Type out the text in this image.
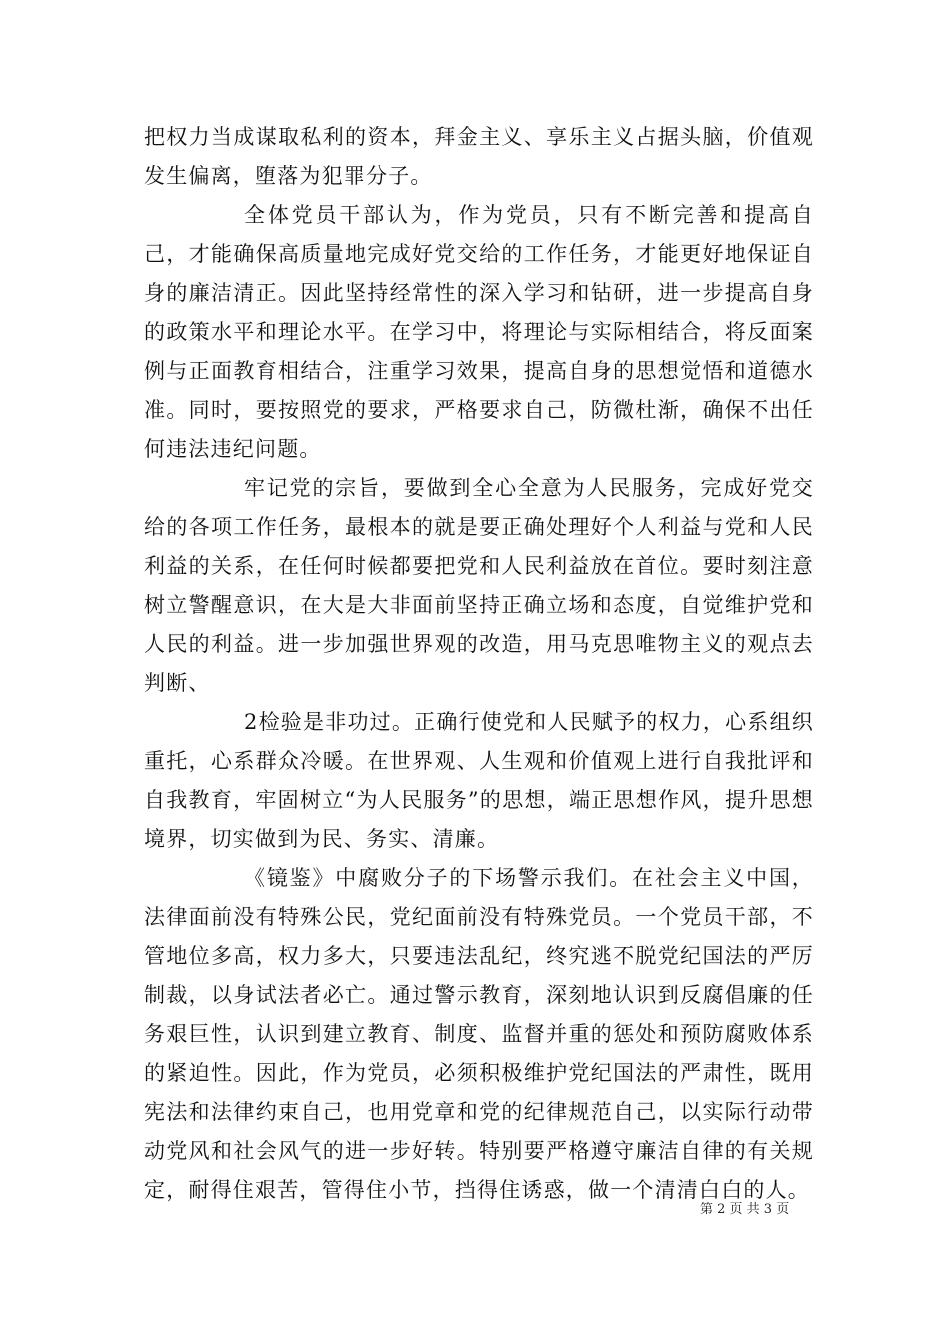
把权力当成谋取私利的资本，拜金主义、享乐主义占据头脑，价值观发生偏离，堕落为犯罪分子。

全体党员干部认为，作为党员，只有不断完善和提高自己，才能确保高质量地完成好党交给的工作任务，才能更好地保证自身的廉洁清正。因此坚持经常性的深入学习和钻研，进一步提高自身的政策水平和理论水平。在学习中，将理论与实际相结合，将反面案例与正面教育相结合，注重学习效果，提高自身的思想觉悟和道德水准。同时，要按照党的要求，严格要求自己，防微杜渐，确保不出任何违法违纪问题。

牢记党的宗旨，要做到全心全意为人民服务，完成好党交给的各项工作任务，最根本的就是要正确处理好个人利益与党和人民利益的关系，在任何时候都要把党和人民利益放在首位。要时刻注意树立警醒意识，在大是大非面前坚持正确立场和态度，自觉维护党和人民的利益。进一步加强世界观的改造，用马克思唯物主义的观点去判断、

2检验是非功过。正确行使党和人民赋予的权力，心系组织重托，心系群众冷暖。在世界观、人生观和价值观上进行自我批评和自我教育，牢固树立“为人民服务”的思想，端正思想作风，提升思想境界，切实做到为民、务实、清廉。

《镜鉴》中腐败分子的下场警示我们。在社会主义中国，法律面前没有特殊公民，党纪面前没有特殊党员。一个党员干部，不管地位多高，权力多大，只要违法乱纪，终究逃不脱党纪国法的严厉制裁，以身试法者必亡。通过警示教育，深刻地认识到反腐倡廉的任务艰巨性，认识到建立教育、制度、监督并重的惩处和预防腐败体系的紧迫性。因此，作为党员，必须积极维护党纪国法的严肃性，既用宪法和法律约束自己，也用党章和党的纪律规范自己，以实际行动带动党风和社会风气的进一步好转。特别要严格遵守廉洁自律的有关规定，耐得住艰苦，管得住小节，挡得住诱惑，做一个清清白白的人。

第 2 页 共 3 页
